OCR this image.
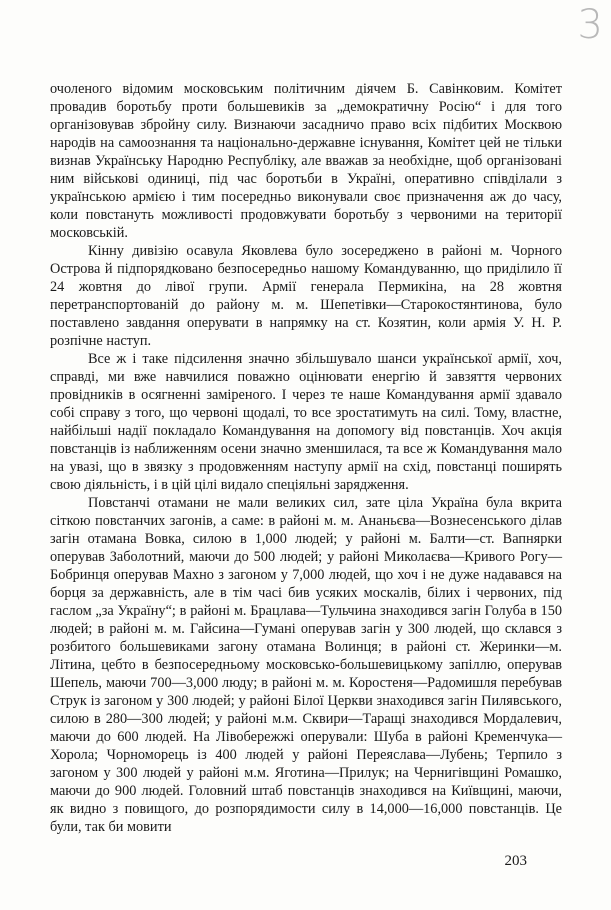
3

очоленого відомим московським політичним діячем Б. Савінковим. Комітет провадив боротьбу проти большевиків за „демократичну Росію“ і для того організовував збройну силу. Визнаючи засадничо право всіх підбитих Москвою народів на самоознання та національно-державне існування, Комітет цей не тільки визнав Українську Народню Республіку, але вважав за необхідне, щоб організовані ним військові одиниці, під час боротьби в Україні, оперативно співділали з українською армією і тим посередньо виконували своє призначення аж до часу, коли повстануть можливості продовжувати боротьбу з червоними на території московській.

Кінну дивізію осавула Яковлева було зосереджено в районі м. Чорного Острова й підпорядковано безпосередньо нашому Командуванню, що приділило її 24 жовтня до лівої групи. Армії генерала Пермикіна, на 28 жовтня перетранспортованій до району м. м. Шепетівки—Старокостянтинова, було поставлено завдання оперувати в напрямку на ст. Козятин, коли армія У. Н. Р. розпічне наступ.

Все ж і таке підсилення значно збільшувало шанси української армії, хоч, справді, ми вже навчилися поважно оцінювати енергію й завзяття червоних провідників в осягненні замірeного. І через те наше Командування армії здавало собі справу з того, що червоні щодалі, то все зростатимуть на силі. Тому, властне, найбільші надії покладало Командування на допомогу від повстанців. Хоч акція повстанців із наближенням осени значно зменшилася, та все ж Командування мало на увазі, що в звязку з продовженням наступу армії на схід, повстанці поширять свою діяльність, і в цій цілі видало спеціяльні зарядження.

Повстанчі отамани не мали великих сил, зате ціла Україна була вкрита сіткою повстанчих загонів, а саме: в районі м. м. Ананьєва—Вознесенського ділав загін отамана Вовка, силою в 1,000 людей; у районі м. Балти—ст. Вапнярки оперував Заболотний, маючи до 500 людей; у районі Миколаєва—Кривого Рогу—Бобринця оперував Махно з загоном у 7,000 людей, що хоч і не дуже надавався на борця за державність, але в тім часі бив усяких москалів, білих і червоних, під гаслом „за Україну“; в районі м. Брацлава—Тульчина знаходився загін Голуба в 150 людей; в районі м. м. Гайсина—Гумані оперував загін у 300 людей, що склався з розбитого большевиками загону отамана Волинця; в районі ст. Жеринки—м. Літина, цебто в безпосередньому московсько-большевицькому запіллю, оперував Шепель, маючи 700—3,000 люду; в районі м. м. Коростеня—Радомишля перебував Струк із загоном у 300 людей; у районі Білої Церкви знаходився загін Пилявського, силою в 280—300 людей; у районі м.м. Сквири—Таращі знаходився Мордалевич, маючи до 600 людей. На Лівобережжі оперували: Шуба в районі Кременчука—Хорола; Чорноморець із 400 людей у районі Переяслава—Лубень; Терпило з загоном у 300 людей у районі м.м. Яготина—Прилук; на Чернигівщині Ромашко, маючи до 900 людей. Головний штаб повстанців знаходився на Київщині, маючи, як видно з повищого, до розпорядимости силу в 14,000—16,000 повстанців. Це були, так би мовити

203
